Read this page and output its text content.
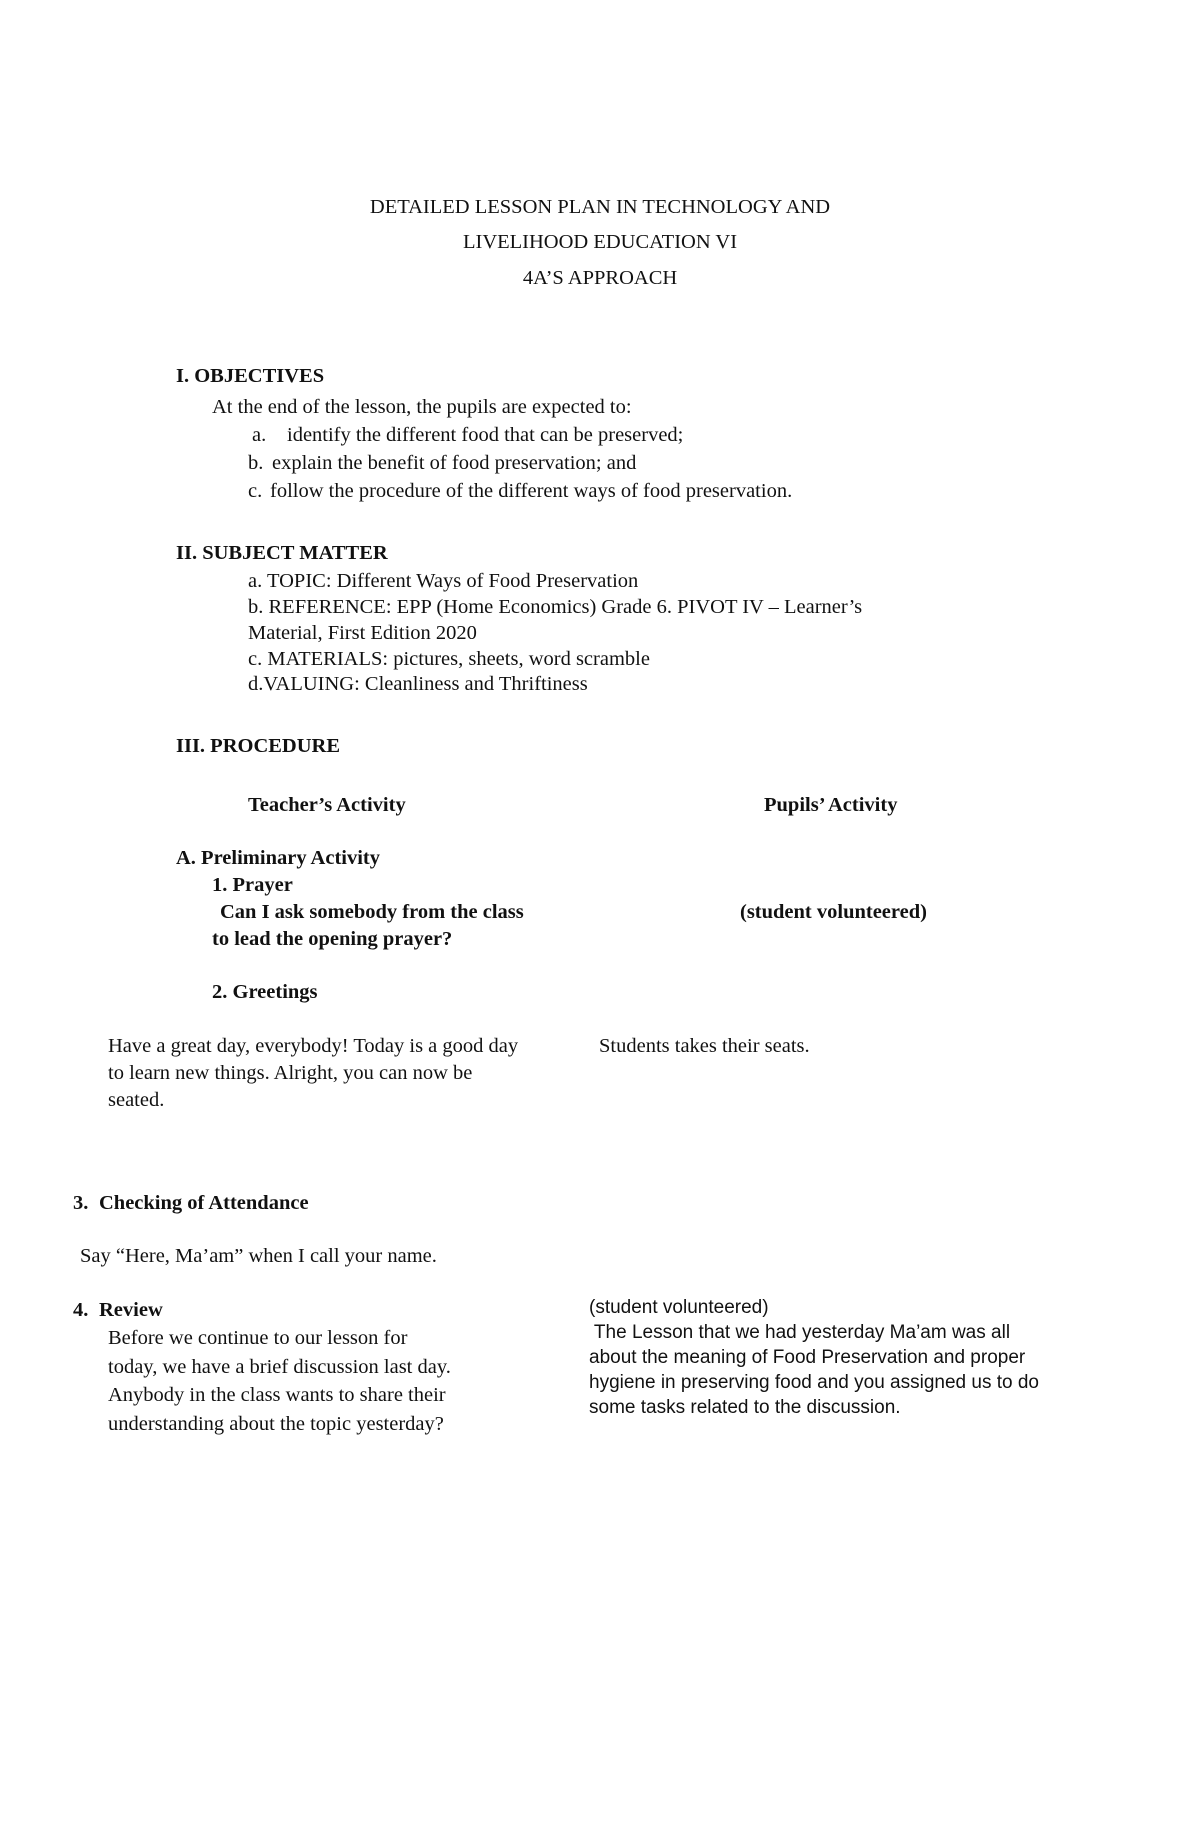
DETAILED LESSON PLAN IN TECHNOLOGY AND
LIVELIHOOD EDUCATION VI
4A’S APPROACH
I. OBJECTIVES
At the end of the lesson, the pupils are expected to:
a. identify the different food that can be preserved;
b. explain the benefit of food preservation; and
c. follow the procedure of the different ways of food preservation.
II. SUBJECT MATTER
a. TOPIC: Different Ways of Food Preservation
b. REFERENCE: EPP (Home Economics) Grade 6. PIVOT IV – Learner’s
Material, First Edition 2020
c. MATERIALS: pictures, sheets, word scramble
d.VALUING: Cleanliness and Thriftiness
III. PROCEDURE
Teacher’s Activity	Pupils’ Activity
A. Preliminary Activity
1. Prayer
Can I ask somebody from the class
to lead the opening prayer?
(student volunteered)
2. Greetings
Have a great day, everybody! Today is a good day
to learn new things. Alright, you can now be
seated.
Students takes their seats.
3. Checking of Attendance
Say “Here, Ma’am” when I call your name.
4. Review
Before we continue to our lesson for
today, we have a brief discussion last day.
Anybody in the class wants to share their
understanding about the topic yesterday?
(student volunteered)
The Lesson that we had yesterday Ma’am was all
about the meaning of Food Preservation and proper
hygiene in preserving food and you assigned us to do
some tasks related to the discussion.
